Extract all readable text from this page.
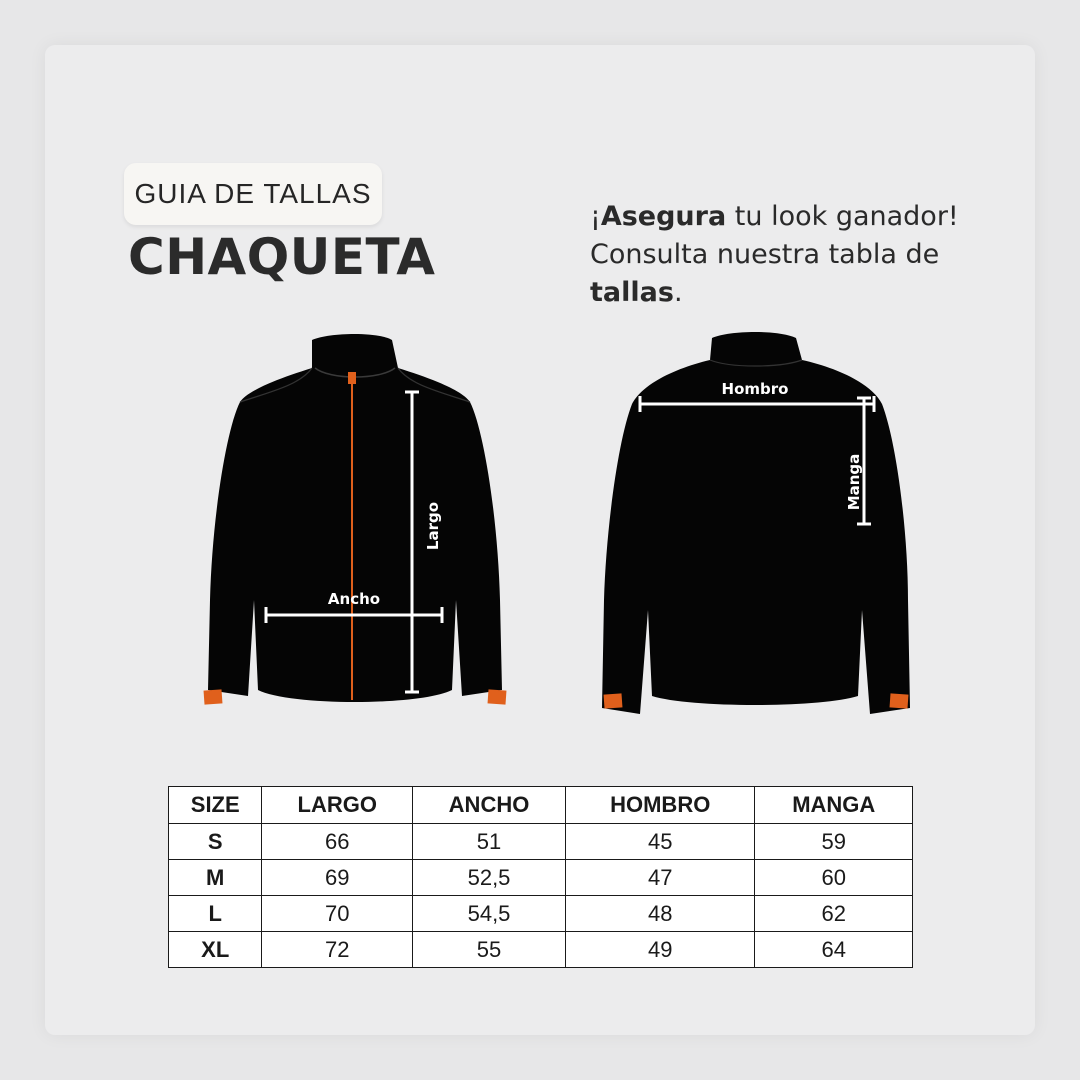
GUIA DE TALLAS
CHAQUETA
¡Asegura tu look ganador! Consulta nuestra tabla de tallas.
Largo
Ancho
Hombro
Manga
SIZE	LARGO	ANCHO	HOMBRO	MANGA
S	66	51	45	59
M	69	52,5	47	60
L	70	54,5	48	62
XL	72	55	49	64
